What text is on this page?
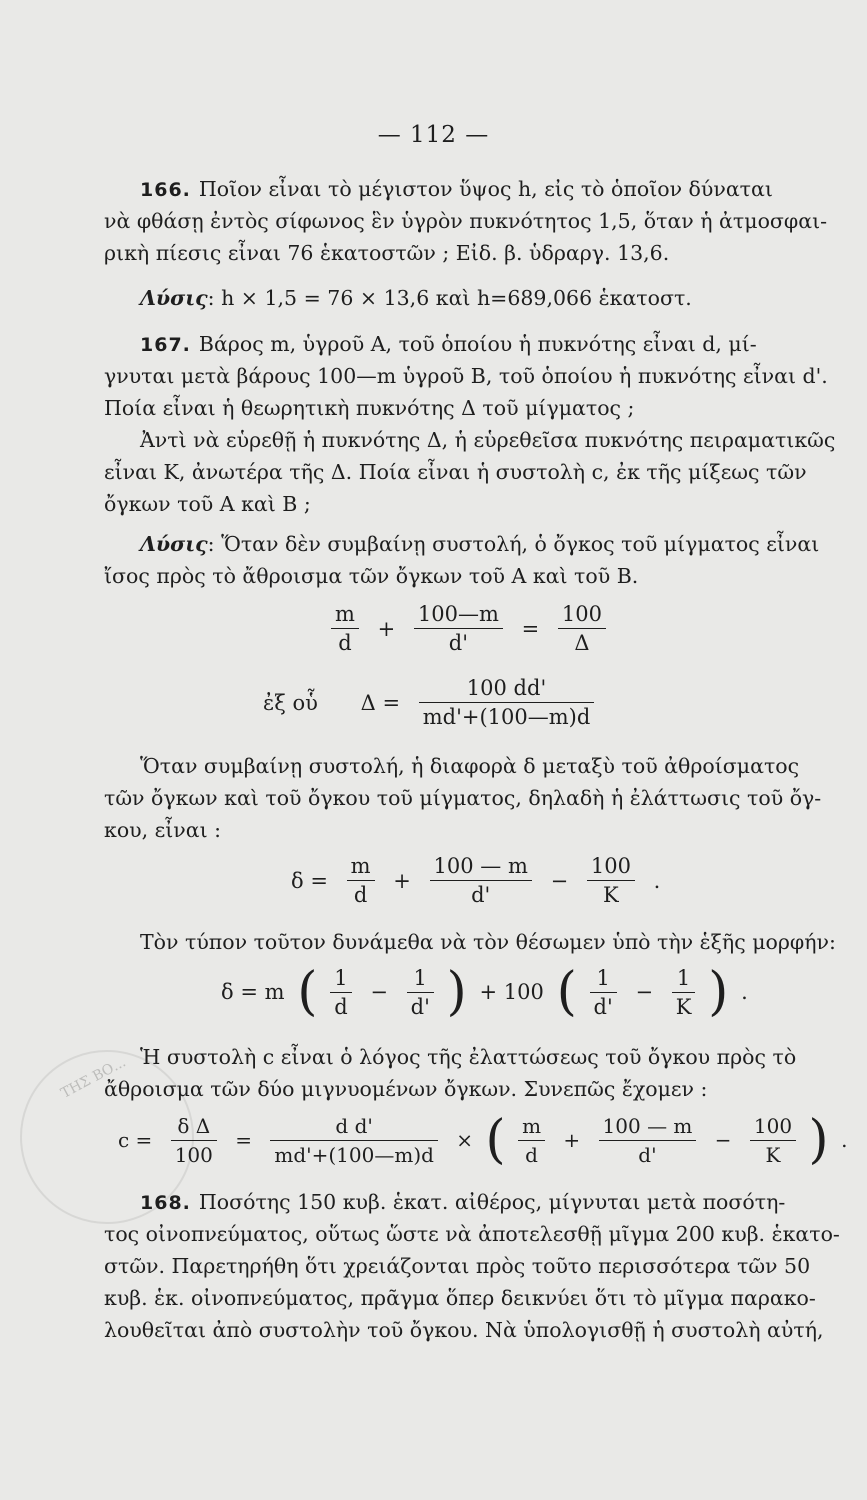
ΤΗΣ ΒΟ...
— 112 —
166. Ποῖον εἶναι τὸ μέγιστον ὕψος h, εἰς τὸ ὁποῖον δύναται
νὰ φθάσῃ ἐντὸς σίφωνος ἓν ὑγρὸν πυκνότητος 1,5, ὅταν ἡ ἀτμοσφαι-
ρικὴ πίεσις εἶναι 76 ἑκατοστῶν ; Εἰδ. β. ὑδραργ. 13,6.
Λύσις: h × 1,5 = 76 × 13,6 καὶ h=689,066 ἑκατοστ.
167. Βάρος m, ὑγροῦ Α, τοῦ ὁποίου ἡ πυκνότης εἶναι d, μί-
γνυται μετὰ βάρους 100—m ὑγροῦ Β, τοῦ ὁποίου ἡ πυκνότης εἶναι d'.
Ποία εἶναι ἡ θεωρητικὴ πυκνότης Δ τοῦ μίγματος ;
Ἀντὶ νὰ εὑρεθῇ ἡ πυκνότης Δ, ἡ εὑρεθεῖσα πυκνότης πειραματικῶς
εἶναι Κ, ἀνωτέρα τῆς Δ. Ποία εἶναι ἡ συστολὴ c, ἐκ τῆς μίξεως τῶν
ὄγκων τοῦ Α καὶ Β ;
Λύσις: Ὅταν δὲν συμβαίνῃ συστολή, ὁ ὄγκος τοῦ μίγματος εἶναι
ἴσος πρὸς τὸ ἄθροισμα τῶν ὄγκων τοῦ Α καὶ τοῦ Β.
$\frac{m}{d} + \frac{100—m}{d'} = \frac{100}{\Delta}$
ἐξ οὗ $\Delta = \frac{100 dd'}{md'+(100—m)d}$
Ὅταν συμβαίνῃ συστολή, ἡ διαφορὰ δ μεταξὺ τοῦ ἀθροίσματος
τῶν ὄγκων καὶ τοῦ ὄγκου τοῦ μίγματος, δηλαδὴ ἡ ἐλάττωσις τοῦ ὄγ-
κου, εἶναι :
$\delta = \frac{m}{d} + \frac{100 — m}{d'} - \frac{100}{K}$ .
Τὸν τύπον τοῦτον δυνάμεθα νὰ τὸν θέσωμεν ὑπὸ τὴν ἑξῆς μορφήν:
δ = m ( $\frac{1}{d} - \frac{1}{d'}$ ) + 100 ( $\frac{1}{d'} - \frac{1}{K}$ ) .
Ἡ συστολὴ c εἶναι ὁ λόγος τῆς ἐλαττώσεως τοῦ ὄγκου πρὸς τὸ
ἄθροισμα τῶν δύο μιγνυομένων ὄγκων. Συνεπῶς ἔχομεν :
$c = \frac{\text{δ Δ}}{100} = \frac{\text{d d'}}{md'+(100—m)d}$ × ( $\frac{m}{d} + \frac{100 — m}{d'} - \frac{100}{K}$ ) .
168. Ποσότης 150 κυβ. ἑκατ. αἰθέρος, μίγνυται μετὰ ποσότη-
τος οἰνοπνεύματος, οὕτως ὥστε νὰ ἀποτελεσθῇ μῖγμα 200 κυβ. ἑκατο-
στῶν. Παρετηρήθη ὅτι χρειάζονται πρὸς τοῦτο περισσότερα τῶν 50
κυβ. ἑκ. οἰνοπνεύματος, πρᾶγμα ὅπερ δεικνύει ὅτι τὸ μῖγμα παρακο-
λουθεῖται ἀπὸ συστολὴν τοῦ ὄγκου. Νὰ ὑπολογισθῇ ἡ συστολὴ αὐτή,
